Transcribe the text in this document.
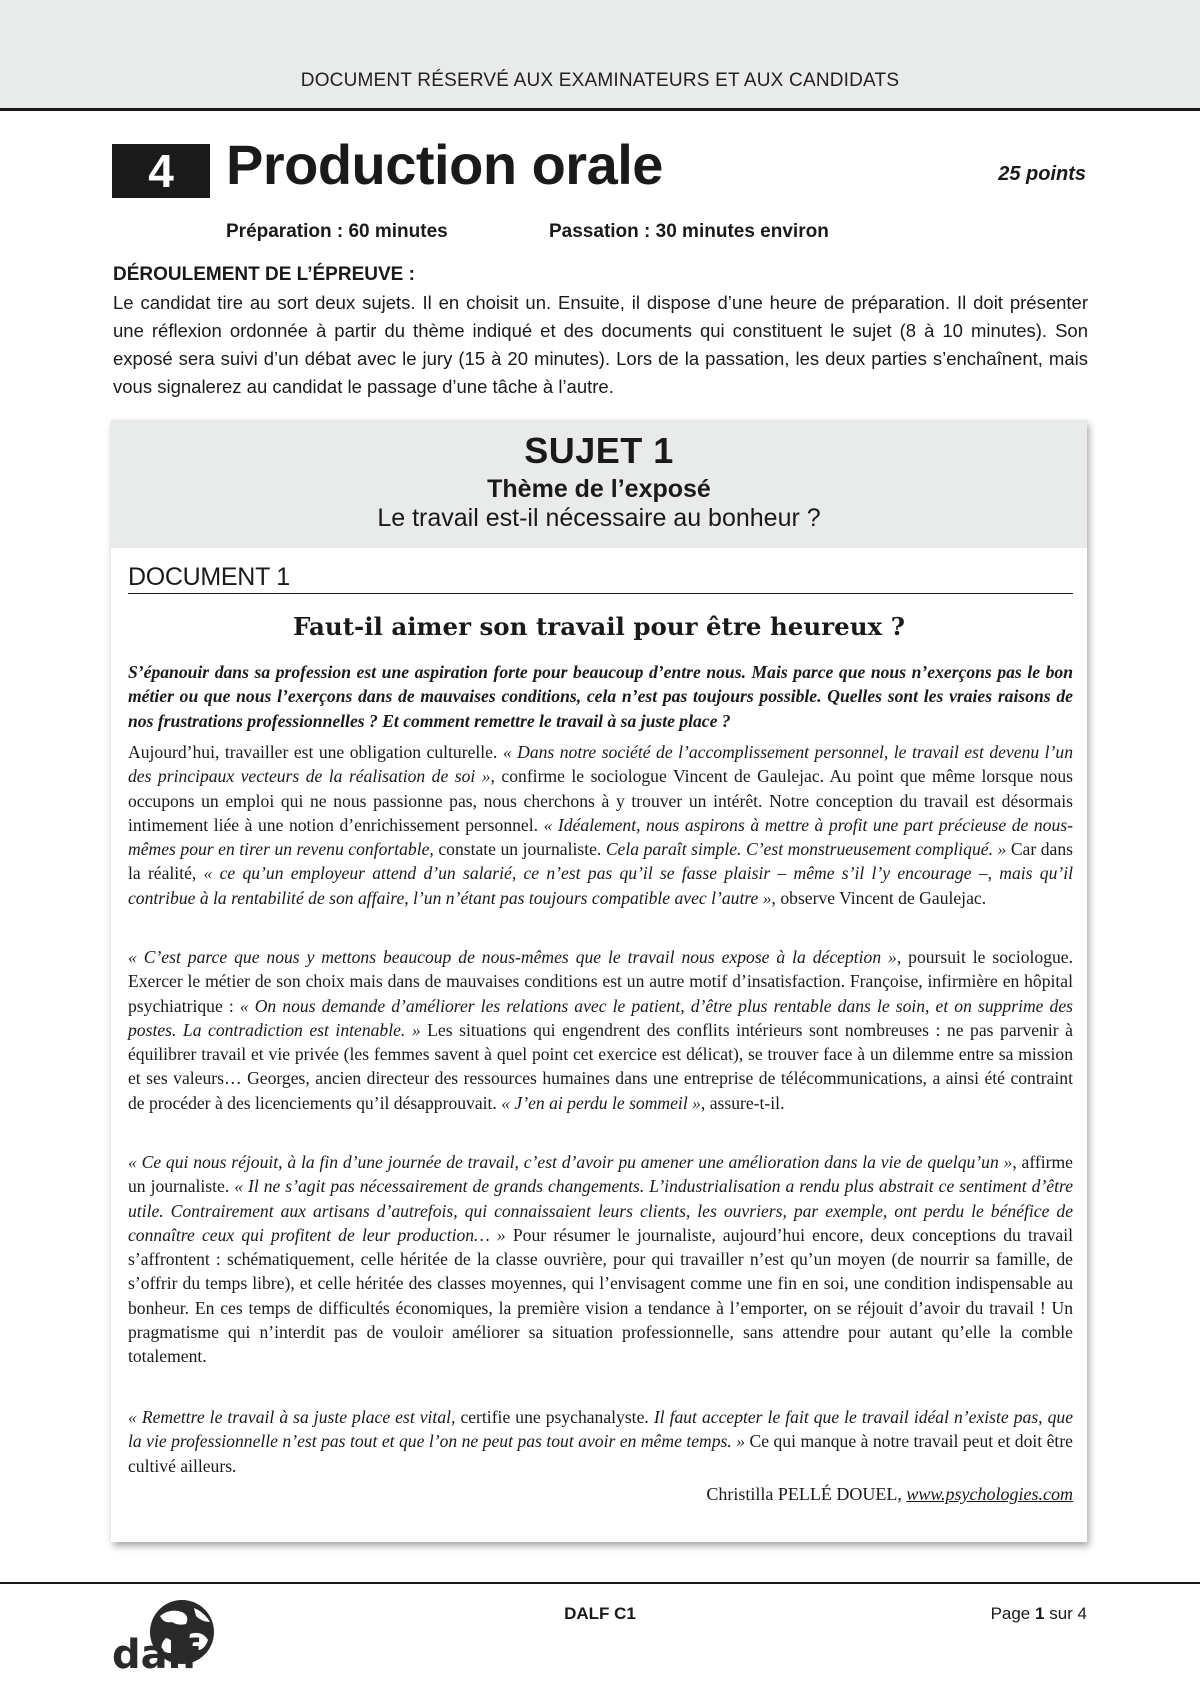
DOCUMENT RÉSERVÉ AUX EXAMINATEURS ET AUX CANDIDATS
4 Production orale	25 points
Préparation : 60 minutes	Passation : 30 minutes environ
DÉROULEMENT DE L’ÉPREUVE :
Le candidat tire au sort deux sujets. Il en choisit un. Ensuite, il dispose d’une heure de préparation. Il doit présenter une réflexion ordonnée à partir du thème indiqué et des documents qui constituent le sujet (8 à 10 minutes). Son exposé sera suivi d’un débat avec le jury (15 à 20 minutes). Lors de la passation, les deux parties s’enchaînent, mais vous signalerez au candidat le passage d’une tâche à l’autre.
SUJET 1
Thème de l’exposé
Le travail est-il nécessaire au bonheur ?
DOCUMENT 1
Faut-il aimer son travail pour être heureux ?
S’épanouir dans sa profession est une aspiration forte pour beaucoup d’entre nous. Mais parce que nous n’exerçons pas le bon métier ou que nous l’exerçons dans de mauvaises conditions, cela n’est pas toujours possible. Quelles sont les vraies raisons de nos frustrations professionnelles ? Et comment remettre le travail à sa juste place ?
Aujourd’hui, travailler est une obligation culturelle. « Dans notre société de l’accomplissement personnel, le travail est devenu l’un des principaux vecteurs de la réalisation de soi », confirme le sociologue Vincent de Gaulejac. Au point que même lorsque nous occupons un emploi qui ne nous passionne pas, nous cherchons à y trouver un intérêt. Notre conception du travail est désormais intimement liée à une notion d’enrichissement personnel. « Idéalement, nous aspirons à mettre à profit une part précieuse de nous-mêmes pour en tirer un revenu confortable, constate un journaliste. Cela paraît simple. C’est monstrueusement compliqué. » Car dans la réalité, « ce qu’un employeur attend d’un salarié, ce n’est pas qu’il se fasse plaisir – même s’il l’y encourage –, mais qu’il contribue à la rentabilité de son affaire, l’un n’étant pas toujours compatible avec l’autre », observe Vincent de Gaulejac.
« C’est parce que nous y mettons beaucoup de nous-mêmes que le travail nous expose à la déception », poursuit le sociologue. Exercer le métier de son choix mais dans de mauvaises conditions est un autre motif d’insatisfaction. Françoise, infirmière en hôpital psychiatrique : « On nous demande d’améliorer les relations avec le patient, d’être plus rentable dans le soin, et on supprime des postes. La contradiction est intenable. » Les situations qui engendrent des conflits intérieurs sont nombreuses : ne pas parvenir à équilibrer travail et vie privée (les femmes savent à quel point cet exercice est délicat), se trouver face à un dilemme entre sa mission et ses valeurs… Georges, ancien directeur des ressources humaines dans une entreprise de télécommunications, a ainsi été contraint de procéder à des licenciements qu’il désapprouvait. « J’en ai perdu le sommeil », assure-t-il.
« Ce qui nous réjouit, à la fin d’une journée de travail, c’est d’avoir pu amener une amélioration dans la vie de quelqu’un », affirme un journaliste. « Il ne s’agit pas nécessairement de grands changements. L’industrialisation a rendu plus abstrait ce sentiment d’être utile. Contrairement aux artisans d’autrefois, qui connaissaient leurs clients, les ouvriers, par exemple, ont perdu le bénéfice de connaître ceux qui profitent de leur production… » Pour résumer le journaliste, aujourd’hui encore, deux conceptions du travail s’affrontent : schématiquement, celle héritée de la classe ouvrière, pour qui travailler n’est qu’un moyen (de nourrir sa famille, de s’offrir du temps libre), et celle héritée des classes moyennes, qui l’envisagent comme une fin en soi, une condition indispensable au bonheur. En ces temps de difficultés économiques, la première vision a tendance à l’emporter, on se réjouit d’avoir du travail ! Un pragmatisme qui n’interdit pas de vouloir améliorer sa situation professionnelle, sans attendre pour autant qu’elle la comble totalement.
« Remettre le travail à sa juste place est vital, certifie une psychanalyste. Il faut accepter le fait que le travail idéal n’existe pas, que la vie professionnelle n’est pas tout et que l’on ne peut pas tout avoir en même temps. » Ce qui manque à notre travail peut et doit être cultivé ailleurs.
Christilla PELLÉ DOUEL, www.psychologies.com
DALF C1	Page 1 sur 4
dalf
